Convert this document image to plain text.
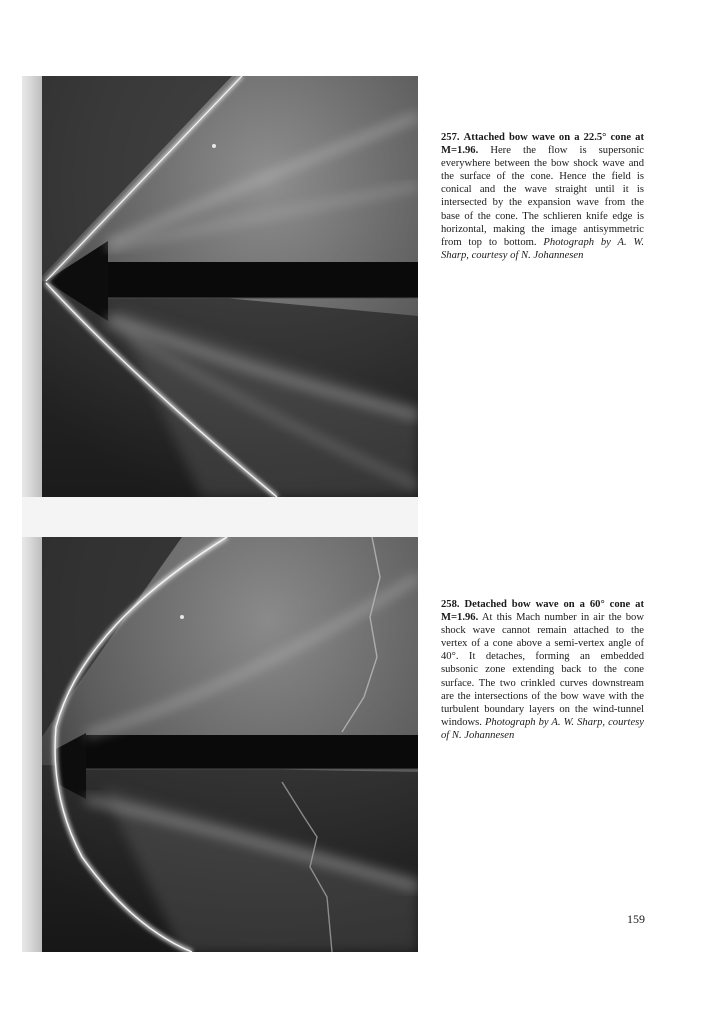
257. Attached bow wave on a 22.5° cone at M=1.96. Here the flow is supersonic everywhere between the bow shock wave and the surface of the cone. Hence the field is conical and the wave straight until it is intersected by the expansion wave from the base of the cone. The schlieren knife edge is horizontal, making the image antisymmetric from top to bottom. Photograph by A. W. Sharp, courtesy of N. Johannesen
258. Detached bow wave on a 60° cone at M=1.96. At this Mach number in air the bow shock wave cannot remain attached to the vertex of a cone above a semi-vertex angle of 40°. It detaches, forming an embedded subsonic zone extending back to the cone surface. The two crinkled curves downstream are the intersections of the bow wave with the turbulent boundary layers on the wind-tunnel windows. Photograph by A. W. Sharp, courtesy of N. Johannesen
159
